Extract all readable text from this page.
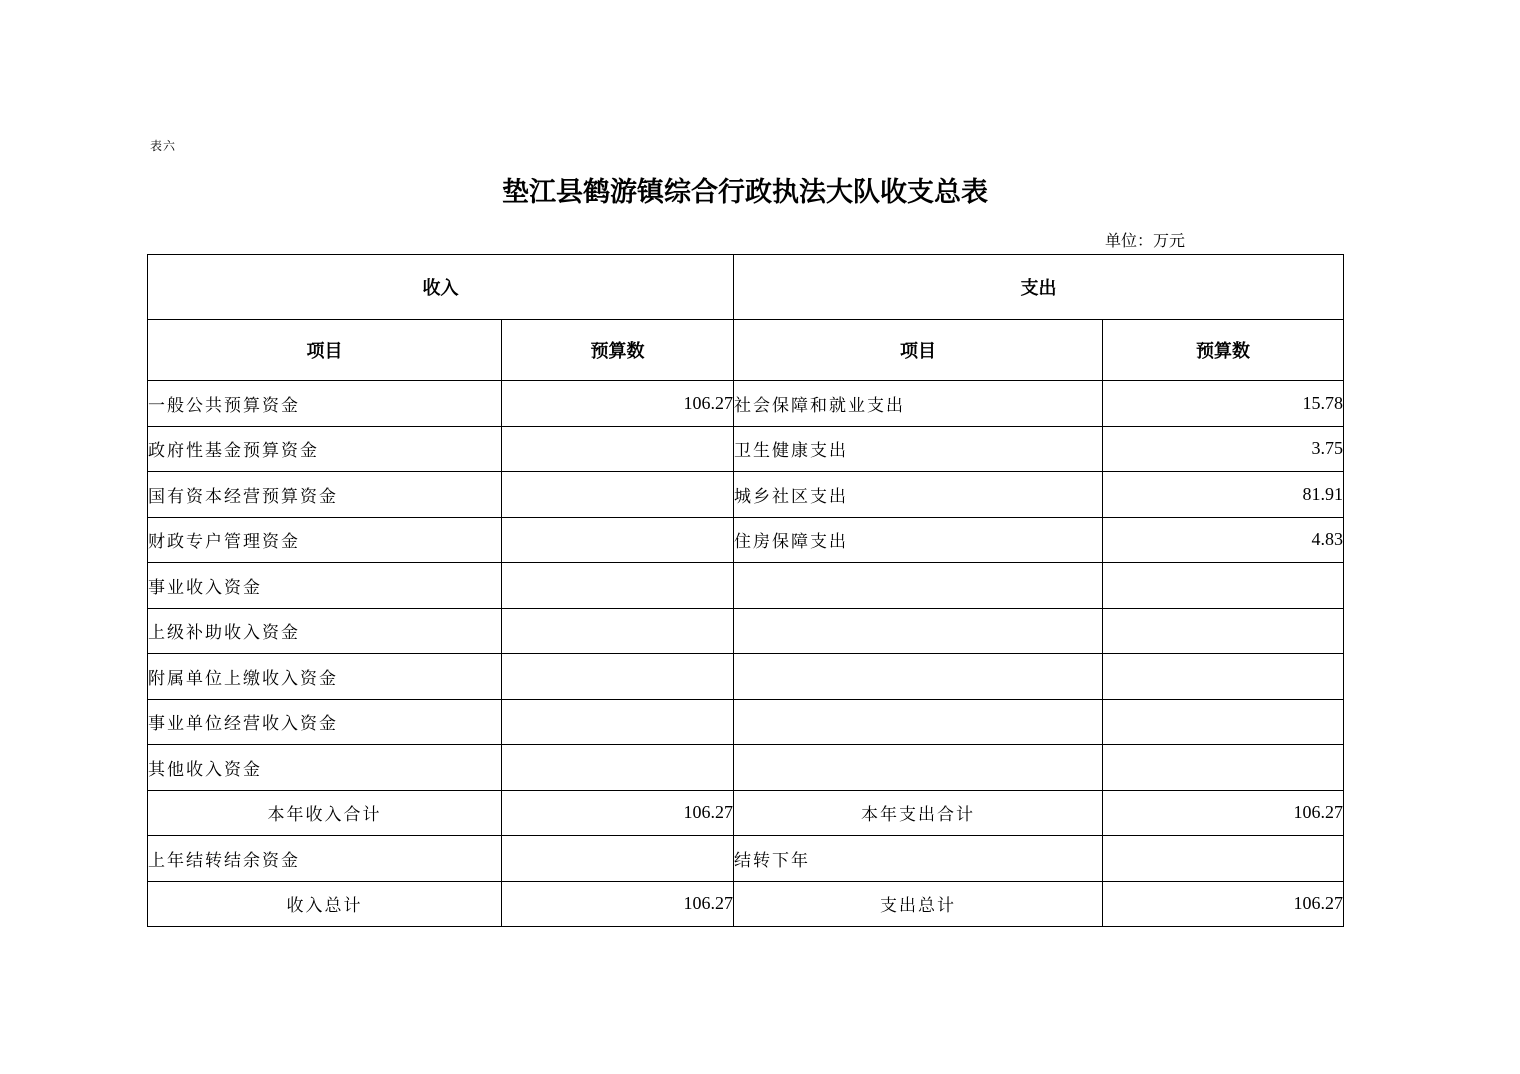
表六
垫江县鹤游镇综合行政执法大队收支总表
单位：万元
收入		支出	
项目	预算数	项目	预算数
一般公共预算资金	106.27	社会保障和就业支出	15.78
政府性基金预算资金		卫生健康支出	3.75
国有资本经营预算资金		城乡社区支出	81.91
财政专户管理资金		住房保障支出	4.83
事业收入资金			
上级补助收入资金			
附属单位上缴收入资金			
事业单位经营收入资金			
其他收入资金			
本年收入合计	106.27	本年支出合计	106.27
上年结转结余资金		结转下年	
收入总计	106.27	支出总计	106.27
